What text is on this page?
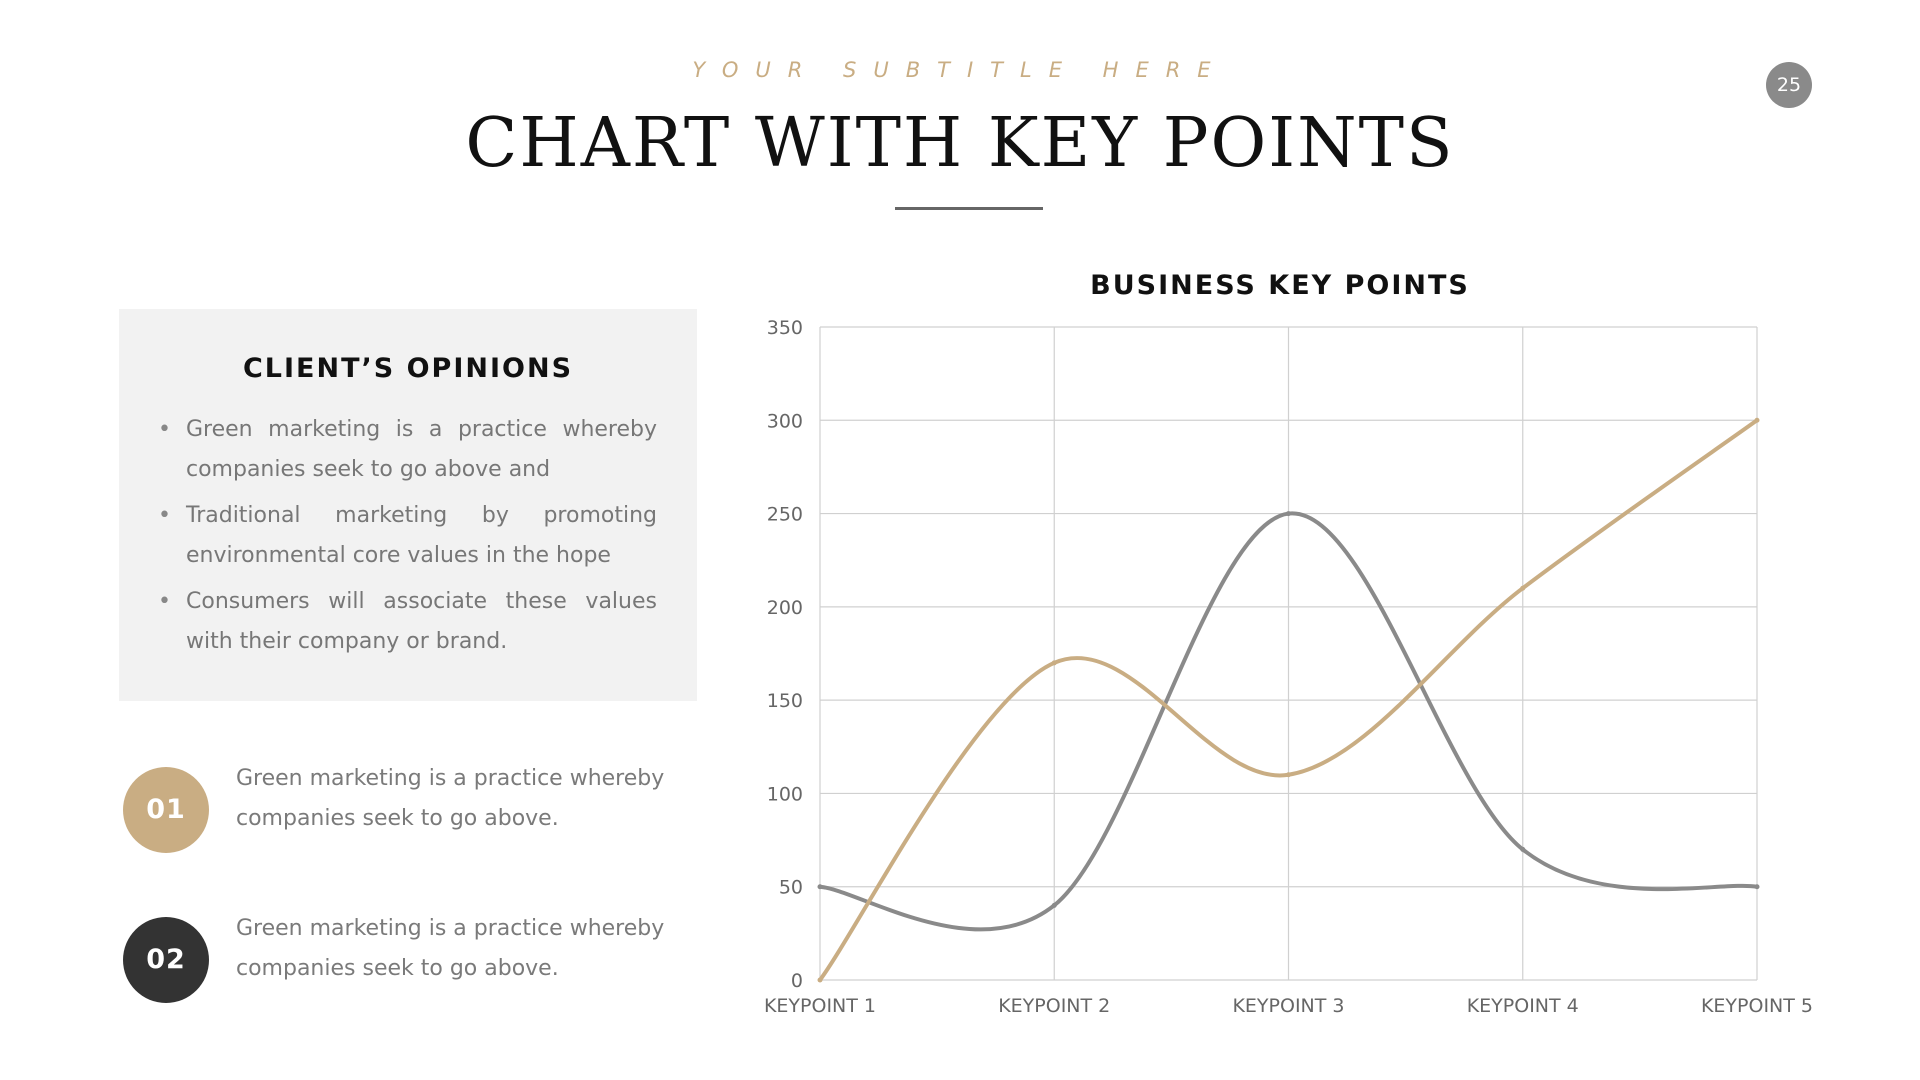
YOUR SUBTITLE HERE
CHART WITH KEY POINTS
25
CLIENT’S OPINIONS
• Green marketing is a practice whereby companies seek to go above and
• Traditional marketing by promoting environmental core values in the hope
• Consumers will associate these values with their company or brand.
01
Green marketing is a practice whereby companies seek to go above.
02
Green marketing is a practice whereby companies seek to go above.
BUSINESS KEY POINTS
0
50
100
150
200
250
300
350
KEYPOINT 1	KEYPOINT 2	KEYPOINT 3	KEYPOINT 4	KEYPOINT 5
